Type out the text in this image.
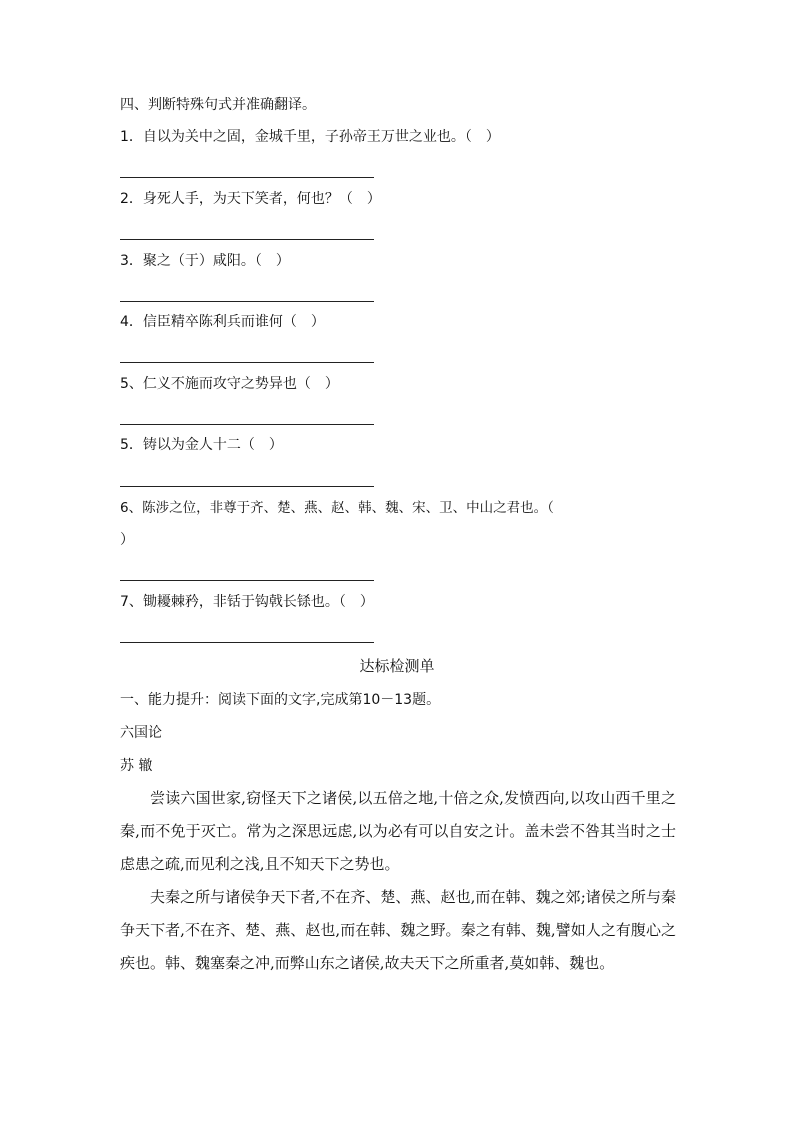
四、判断特殊句式并准确翻译。
1．自以为关中之固，金城千里，子孙帝王万世之业也。（　）
2．身死人手，为天下笑者，何也？（　）
3．聚之（于）咸阳。（　）
4．信臣精卒陈利兵而谁何（　）
5、仁义不施而攻守之势异也（　）
5．铸以为金人十二（　）
6、陈涉之位，非尊于齐、楚、燕、赵、韩、魏、宋、卫、中山之君也。（
）
7、锄耰棘矜，非铦于钩戟长铩也。（　）
达标检测单
一、能力提升：阅读下面的文字,完成第10－13题。
六国论
苏 辙
尝读六国世家,窃怪天下之诸侯,以五倍之地,十倍之众,发愤西向,以攻山西千里之秦,而不免于灭亡。常为之深思远虑,以为必有可以自安之计。盖未尝不咎其当时之士虑患之疏,而见利之浅,且不知天下之势也。
夫秦之所与诸侯争天下者,不在齐、楚、燕、赵也,而在韩、魏之郊;诸侯之所与秦争天下者,不在齐、楚、燕、赵也,而在韩、魏之野。秦之有韩、魏,譬如人之有腹心之疾也。韩、魏塞秦之冲,而弊山东之诸侯,故夫天下之所重者,莫如韩、魏也。
